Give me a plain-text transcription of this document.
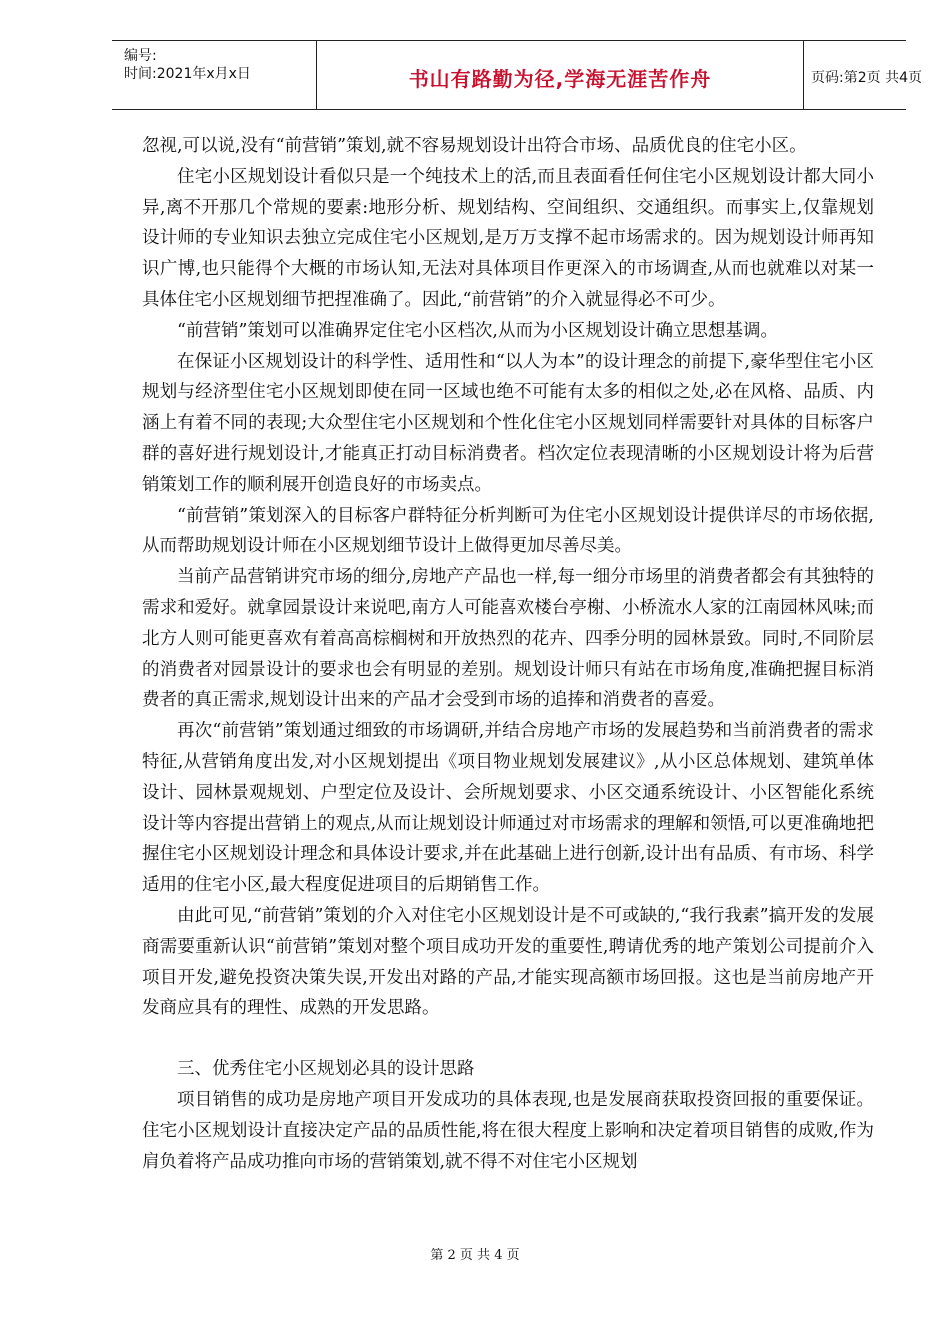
编号:
时间:2021年x月x日	书山有路勤为径,学海无涯苦作舟	页码:第2页 共4页

忽视,可以说,没有“前营销”策划,就不容易规划设计出符合市场、品质优良的住宅小区。

住宅小区规划设计看似只是一个纯技术上的活,而且表面看任何住宅小区规划设计都大同小异,离不开那几个常规的要素:地形分析、规划结构、空间组织、交通组织。而事实上,仅靠规划设计师的专业知识去独立完成住宅小区规划,是万万支撑不起市场需求的。因为规划设计师再知识广博,也只能得个大概的市场认知,无法对具体项目作更深入的市场调查,从而也就难以对某一具体住宅小区规划细节把捏准确了。因此,“前营销”的介入就显得必不可少。

“前营销”策划可以准确界定住宅小区档次,从而为小区规划设计确立思想基调。

在保证小区规划设计的科学性、适用性和“以人为本”的设计理念的前提下,豪华型住宅小区规划与经济型住宅小区规划即使在同一区域也绝不可能有太多的相似之处,必在风格、品质、内涵上有着不同的表现;大众型住宅小区规划和个性化住宅小区规划同样需要针对具体的目标客户群的喜好进行规划设计,才能真正打动目标消费者。档次定位表现清晰的小区规划设计将为后营销策划工作的顺利展开创造良好的市场卖点。

“前营销”策划深入的目标客户群特征分析判断可为住宅小区规划设计提供详尽的市场依据,从而帮助规划设计师在小区规划细节设计上做得更加尽善尽美。

当前产品营销讲究市场的细分,房地产产品也一样,每一细分市场里的消费者都会有其独特的需求和爱好。就拿园景设计来说吧,南方人可能喜欢楼台亭榭、小桥流水人家的江南园林风味;而北方人则可能更喜欢有着高高棕榈树和开放热烈的花卉、四季分明的园林景致。同时,不同阶层的消费者对园景设计的要求也会有明显的差别。规划设计师只有站在市场角度,准确把握目标消费者的真正需求,规划设计出来的产品才会受到市场的追捧和消费者的喜爱。

再次“前营销”策划通过细致的市场调研,并结合房地产市场的发展趋势和当前消费者的需求特征,从营销角度出发,对小区规划提出《项目物业规划发展建议》,从小区总体规划、建筑单体设计、园林景观规划、户型定位及设计、会所规划要求、小区交通系统设计、小区智能化系统设计等内容提出营销上的观点,从而让规划设计师通过对市场需求的理解和领悟,可以更准确地把握住宅小区规划设计理念和具体设计要求,并在此基础上进行创新,设计出有品质、有市场、科学适用的住宅小区,最大程度促进项目的后期销售工作。

由此可见,“前营销”策划的介入对住宅小区规划设计是不可或缺的,“我行我素”搞开发的发展商需要重新认识“前营销”策划对整个项目成功开发的重要性,聘请优秀的地产策划公司提前介入项目开发,避免投资决策失误,开发出对路的产品,才能实现高额市场回报。这也是当前房地产开发商应具有的理性、成熟的开发思路。

三、优秀住宅小区规划必具的设计思路

项目销售的成功是房地产项目开发成功的具体表现,也是发展商获取投资回报的重要保证。住宅小区规划设计直接决定产品的品质性能,将在很大程度上影响和决定着项目销售的成败,作为肩负着将产品成功推向市场的营销策划,就不得不对住宅小区规划

第 2 页 共 4 页
